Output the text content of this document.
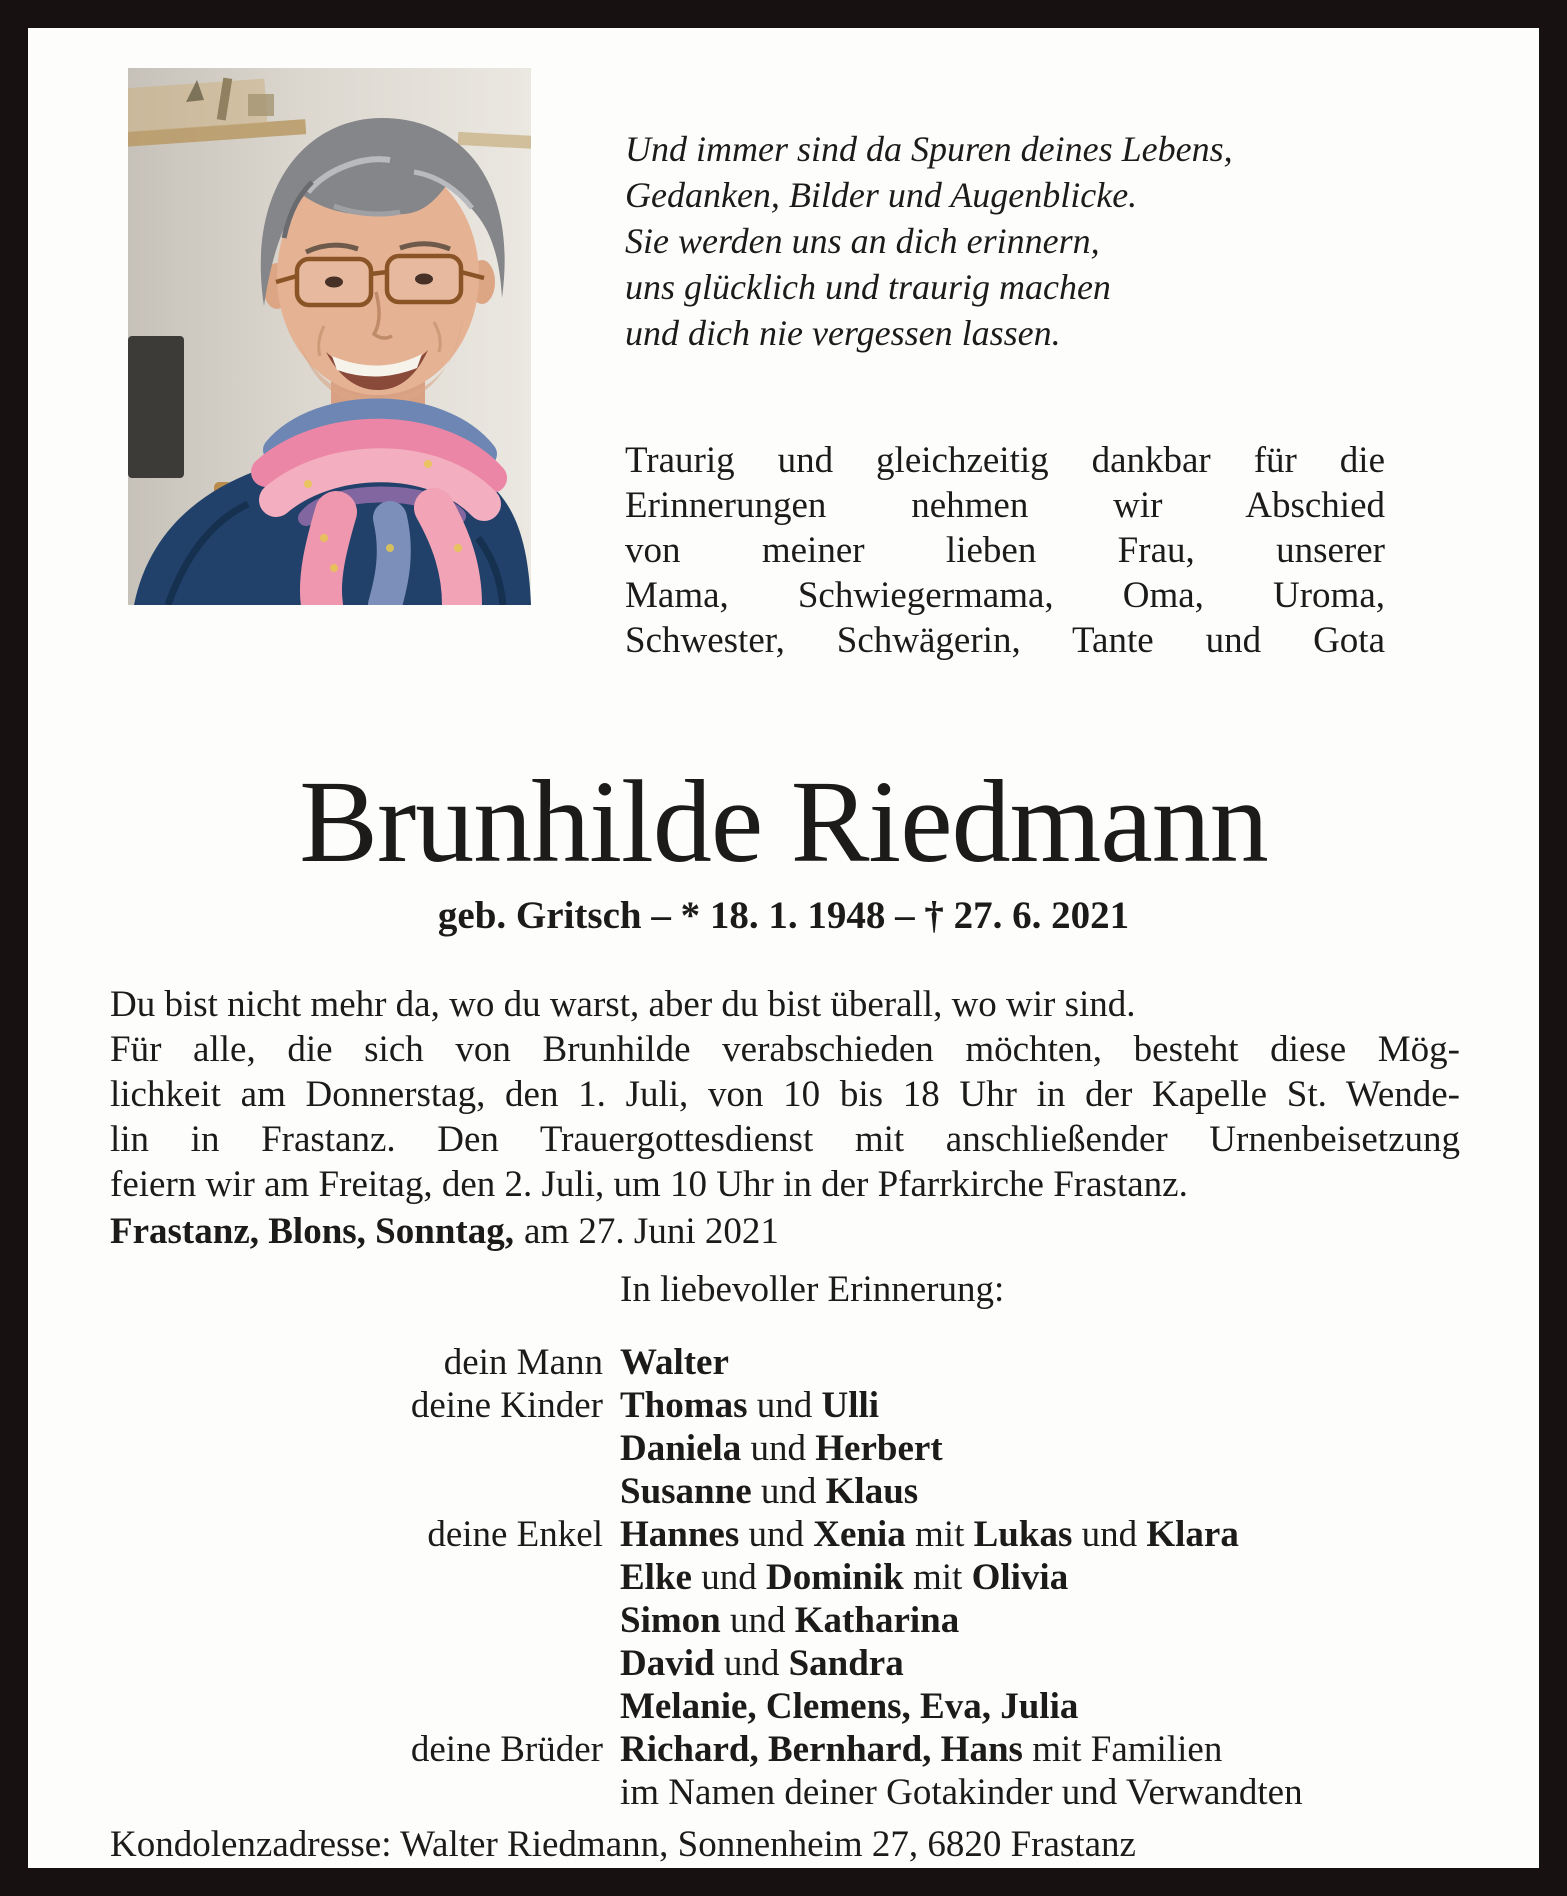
Und immer sind da Spuren deines Lebens,
Gedanken, Bilder und Augenblicke.
Sie werden uns an dich erinnern,
uns glücklich und traurig machen
und dich nie vergessen lassen.
Traurig und gleichzeitig dankbar für die
Erinnerungen nehmen wir Abschied
von meiner lieben Frau, unserer
Mama, Schwiegermama, Oma, Uroma,
Schwester, Schwägerin, Tante und Gota
Brunhilde Riedmann
geb. Gritsch – * 18. 1. 1948 – † 27. 6. 2021
Du bist nicht mehr da, wo du warst, aber du bist überall, wo wir sind.
Für alle, die sich von Brunhilde verabschieden möchten, besteht diese Mög-
lichkeit am Donnerstag, den 1. Juli, von 10 bis 18 Uhr in der Kapelle St. Wende-
lin in Frastanz. Den Trauergottesdienst mit anschließender Urnenbeisetzung
feiern wir am Freitag, den 2. Juli, um 10 Uhr in der Pfarrkirche Frastanz.
Frastanz, Blons, Sonntag, am 27. Juni 2021
In liebevoller Erinnerung:
dein Mann Walter
deine Kinder Thomas und Ulli
Daniela und Herbert
Susanne und Klaus
deine Enkel Hannes und Xenia mit Lukas und Klara
Elke und Dominik mit Olivia
Simon und Katharina
David und Sandra
Melanie, Clemens, Eva, Julia
deine Brüder Richard, Bernhard, Hans mit Familien
im Namen deiner Gotakinder und Verwandten
Kondolenzadresse: Walter Riedmann, Sonnenheim 27, 6820 Frastanz
